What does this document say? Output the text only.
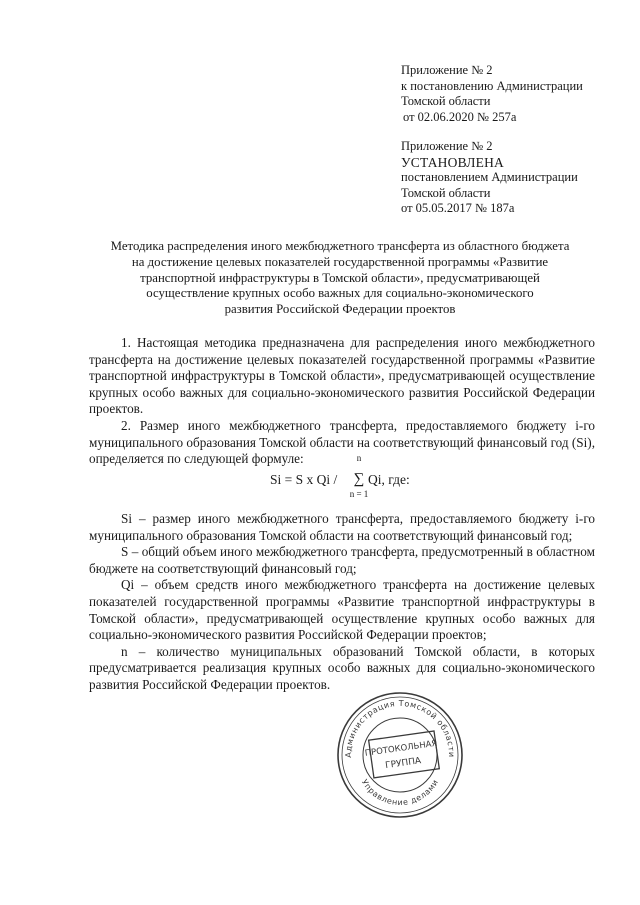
Приложение № 2
к постановлению Администрации
Томской области
от 02.06.2020 № 257а
Приложение № 2
УСТАНОВЛЕНА
постановлением Администрации
Томской области
от 05.05.2017 № 187а
Методика распределения иного межбюджетного трансферта из областного бюджета
на достижение целевых показателей государственной программы «Развитие
транспортной инфраструктуры в Томской области», предусматривающей
осуществление крупных особо важных для социально-экономического
развития Российской Федерации проектов

1. Настоящая методика предназначена для распределения иного межбюджетного трансферта на достижение целевых показателей государственной программы «Развитие транспортной инфраструктуры в Томской области», предусматривающей осуществление крупных особо важных для социально-экономического развития Российской Федерации проектов.

2. Размер иного межбюджетного трансферта, предоставляемого бюджету i-го муниципального образования Томской области на соответствующий финансовый год (Si), определяется по следующей формуле:

Si = S x Qi /
n
∑
n = 1
Qi, где:

Si – размер иного межбюджетного трансферта, предоставляемого бюджету i-го муниципального образования Томской области на соответствующий финансовый год;

S – общий объем иного межбюджетного трансферта, предусмотренный в областном бюджете на соответствующий финансовый год;

Qi – объем средств иного межбюджетного трансферта на достижение целевых показателей государственной программы «Развитие транспортной инфраструктуры в Томской области», предусматривающей осуществление крупных особо важных для социально-экономического развития Российской Федерации проектов;

n – количество муниципальных образований Томской области, в которых предусматривается реализация крупных особо важных для социально-экономического развития Российской Федерации проектов.

Администрация Томской области
Управление делами
ПРОТОКОЛЬНАЯ
ГРУППА
